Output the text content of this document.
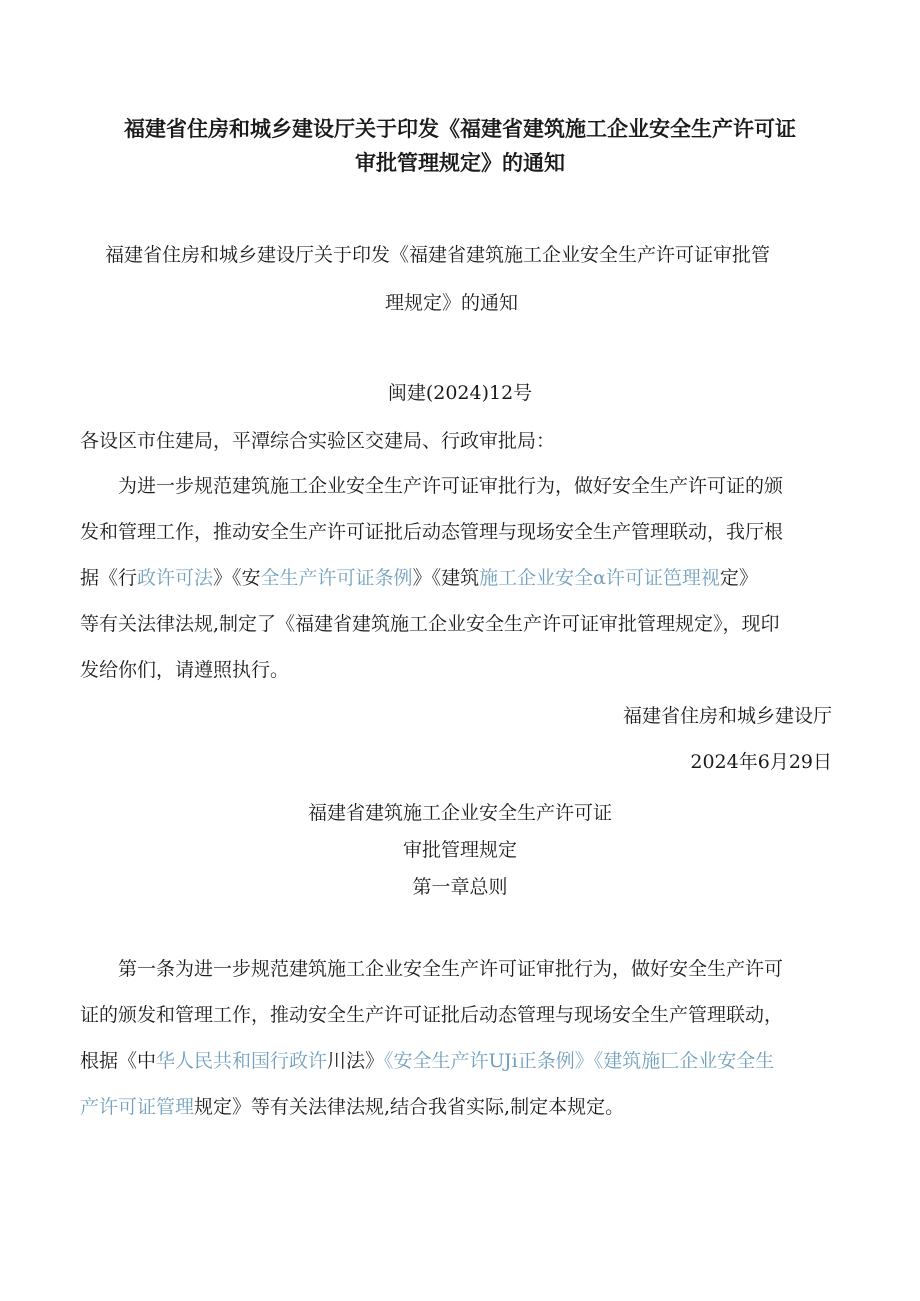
福建省住房和城乡建设厅关于印发《福建省建筑施工企业安全生产许可证
审批管理规定》的通知
福建省住房和城乡建设厅关于印发《福建省建筑施工企业安全生产许可证审批管
理规定》的通知
闽建(2024)12号
各设区市住建局，平潭综合实验区交建局、行政审批局：
为进一步规范建筑施工企业安全生产许可证审批行为，做好安全生产许可证的颁
发和管理工作，推动安全生产许可证批后动态管理与现场安全生产管理联动，我厅根
据《行政许可法》《安全生产许可证条例》《建筑施工企业安全α许可证笆理视定》
等有关法律法规,制定了《福建省建筑施工企业安全生产许可证审批管理规定》，现印
发给你们，请遵照执行。
福建省住房和城乡建设厅
2024年6月29日
福建省建筑施工企业安全生产许可证
审批管理规定
第一章总则
第一条为进一步规范建筑施工企业安全生产许可证审批行为，做好安全生产许可
证的颁发和管理工作，推动安全生产许可证批后动态管理与现场安全生产管理联动，
根据《中华人民共和国行政许川法》《安全生产许UJi正条例》《建筑施匚企业安全生
产许可证管理规定》等有关法律法规,结合我省实际,制定本规定。
